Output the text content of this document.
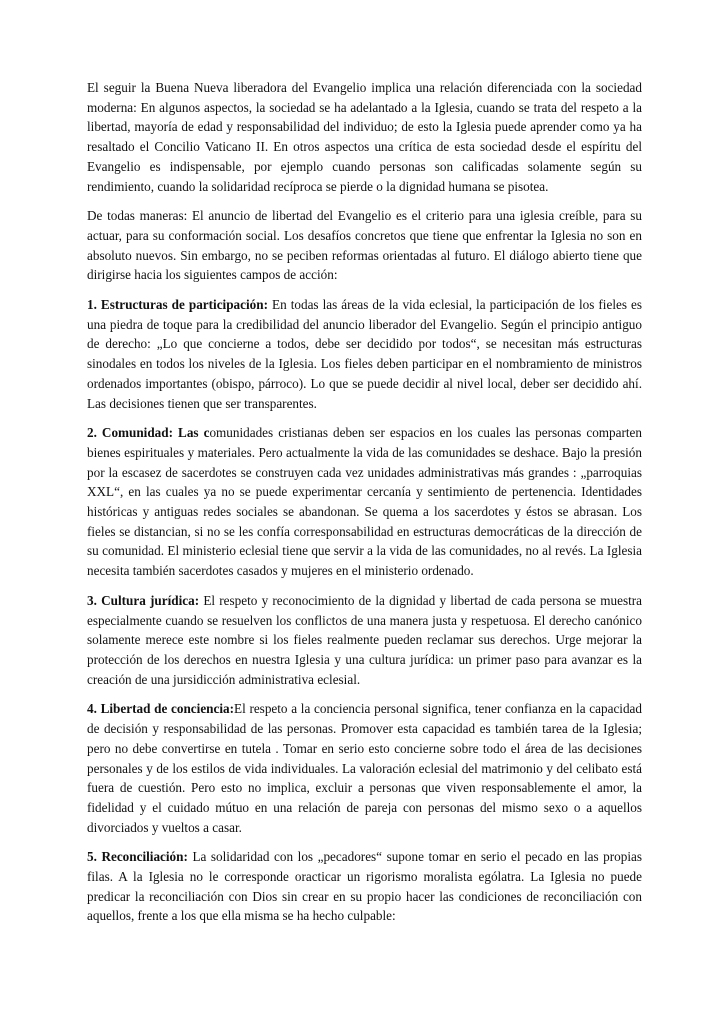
El seguir la Buena Nueva liberadora del Evangelio implica una relación diferenciada con la sociedad moderna: En algunos aspectos, la sociedad se ha adelantado a la Iglesia, cuando se trata del respeto a la libertad, mayoría de edad y responsabilidad del individuo; de esto la Iglesia puede aprender como ya ha resaltado el Concilio Vaticano II. En otros aspectos una crítica de esta sociedad desde el espíritu del Evangelio es indispensable, por ejemplo cuando personas son calificadas solamente según su rendimiento, cuando la solidaridad recíproca se pierde o la dignidad humana se pisotea.

De todas maneras: El anuncio de libertad del Evangelio es el criterio para una iglesia creíble, para su actuar, para su conformación social. Los desafíos concretos que tiene que enfrentar la Iglesia no son en absoluto nuevos. Sin embargo, no se peciben reformas orientadas al futuro. El diálogo abierto tiene que dirigirse hacia los siguientes campos de acción:

1. Estructuras de participación: En todas las áreas de la vida eclesial, la participación de los fieles es una piedra de toque para la credibilidad del anuncio liberador del Evangelio. Según el principio antiguo de derecho: „Lo que concierne a todos, debe ser decidido por todos“, se necesitan más estructuras sinodales en todos los niveles de la Iglesia. Los fieles deben participar en el nombramiento de ministros ordenados importantes (obispo, párroco). Lo que se puede decidir al nivel local, deber ser decidido ahí. Las decisiones tienen que ser transparentes.

2. Comunidad: Las comunidades cristianas deben ser espacios en los cuales las personas comparten bienes espirituales y materiales. Pero actualmente la vida de las comunidades se deshace. Bajo la presión por la escasez de sacerdotes se construyen cada vez unidades administrativas más grandes : „parroquias XXL“, en las cuales ya no se puede experimentar cercanía y sentimiento de pertenencia. Identidades históricas y antiguas redes sociales se abandonan. Se quema a los sacerdotes y éstos se abrasan. Los fieles se distancian, si no se les confía corresponsabilidad en estructuras democráticas de la dirección de su comunidad. El ministerio eclesial tiene que servir a la vida de las comunidades, no al revés. La Iglesia necesita también sacerdotes casados y mujeres en el ministerio ordenado.

3. Cultura jurídica: El respeto y reconocimiento de la dignidad y libertad de cada persona se muestra especialmente cuando se resuelven los conflictos de una manera justa y respetuosa. El derecho canónico solamente merece este nombre si los fieles realmente pueden reclamar sus derechos. Urge mejorar la protección de los derechos en nuestra Iglesia y una cultura jurídica: un primer paso para avanzar es la creación de una jursidicción administrativa eclesial.

4. Libertad de conciencia:El respeto a la conciencia personal significa, tener confianza en la capacidad de decisión y responsabilidad de las personas. Promover esta capacidad es también tarea de la Iglesia; pero no debe convertirse en tutela . Tomar en serio esto concierne sobre todo el área de las decisiones personales y de los estilos de vida individuales. La valoración eclesial del matrimonio y del celibato está fuera de cuestión. Pero esto no implica, excluir a personas que viven responsablemente el amor, la fidelidad y el cuidado mútuo en una relación de pareja con personas del mismo sexo o a aquellos divorciados y vueltos a casar.

5. Reconciliación: La solidaridad con los „pecadores“ supone tomar en serio el pecado en las propias filas. A la Iglesia no le corresponde oracticar un rigorismo moralista ególatra. La Iglesia no puede predicar la reconciliación con Dios sin crear en su propio hacer las condiciones de reconciliación con aquellos, frente a los que ella misma se ha hecho culpable:
